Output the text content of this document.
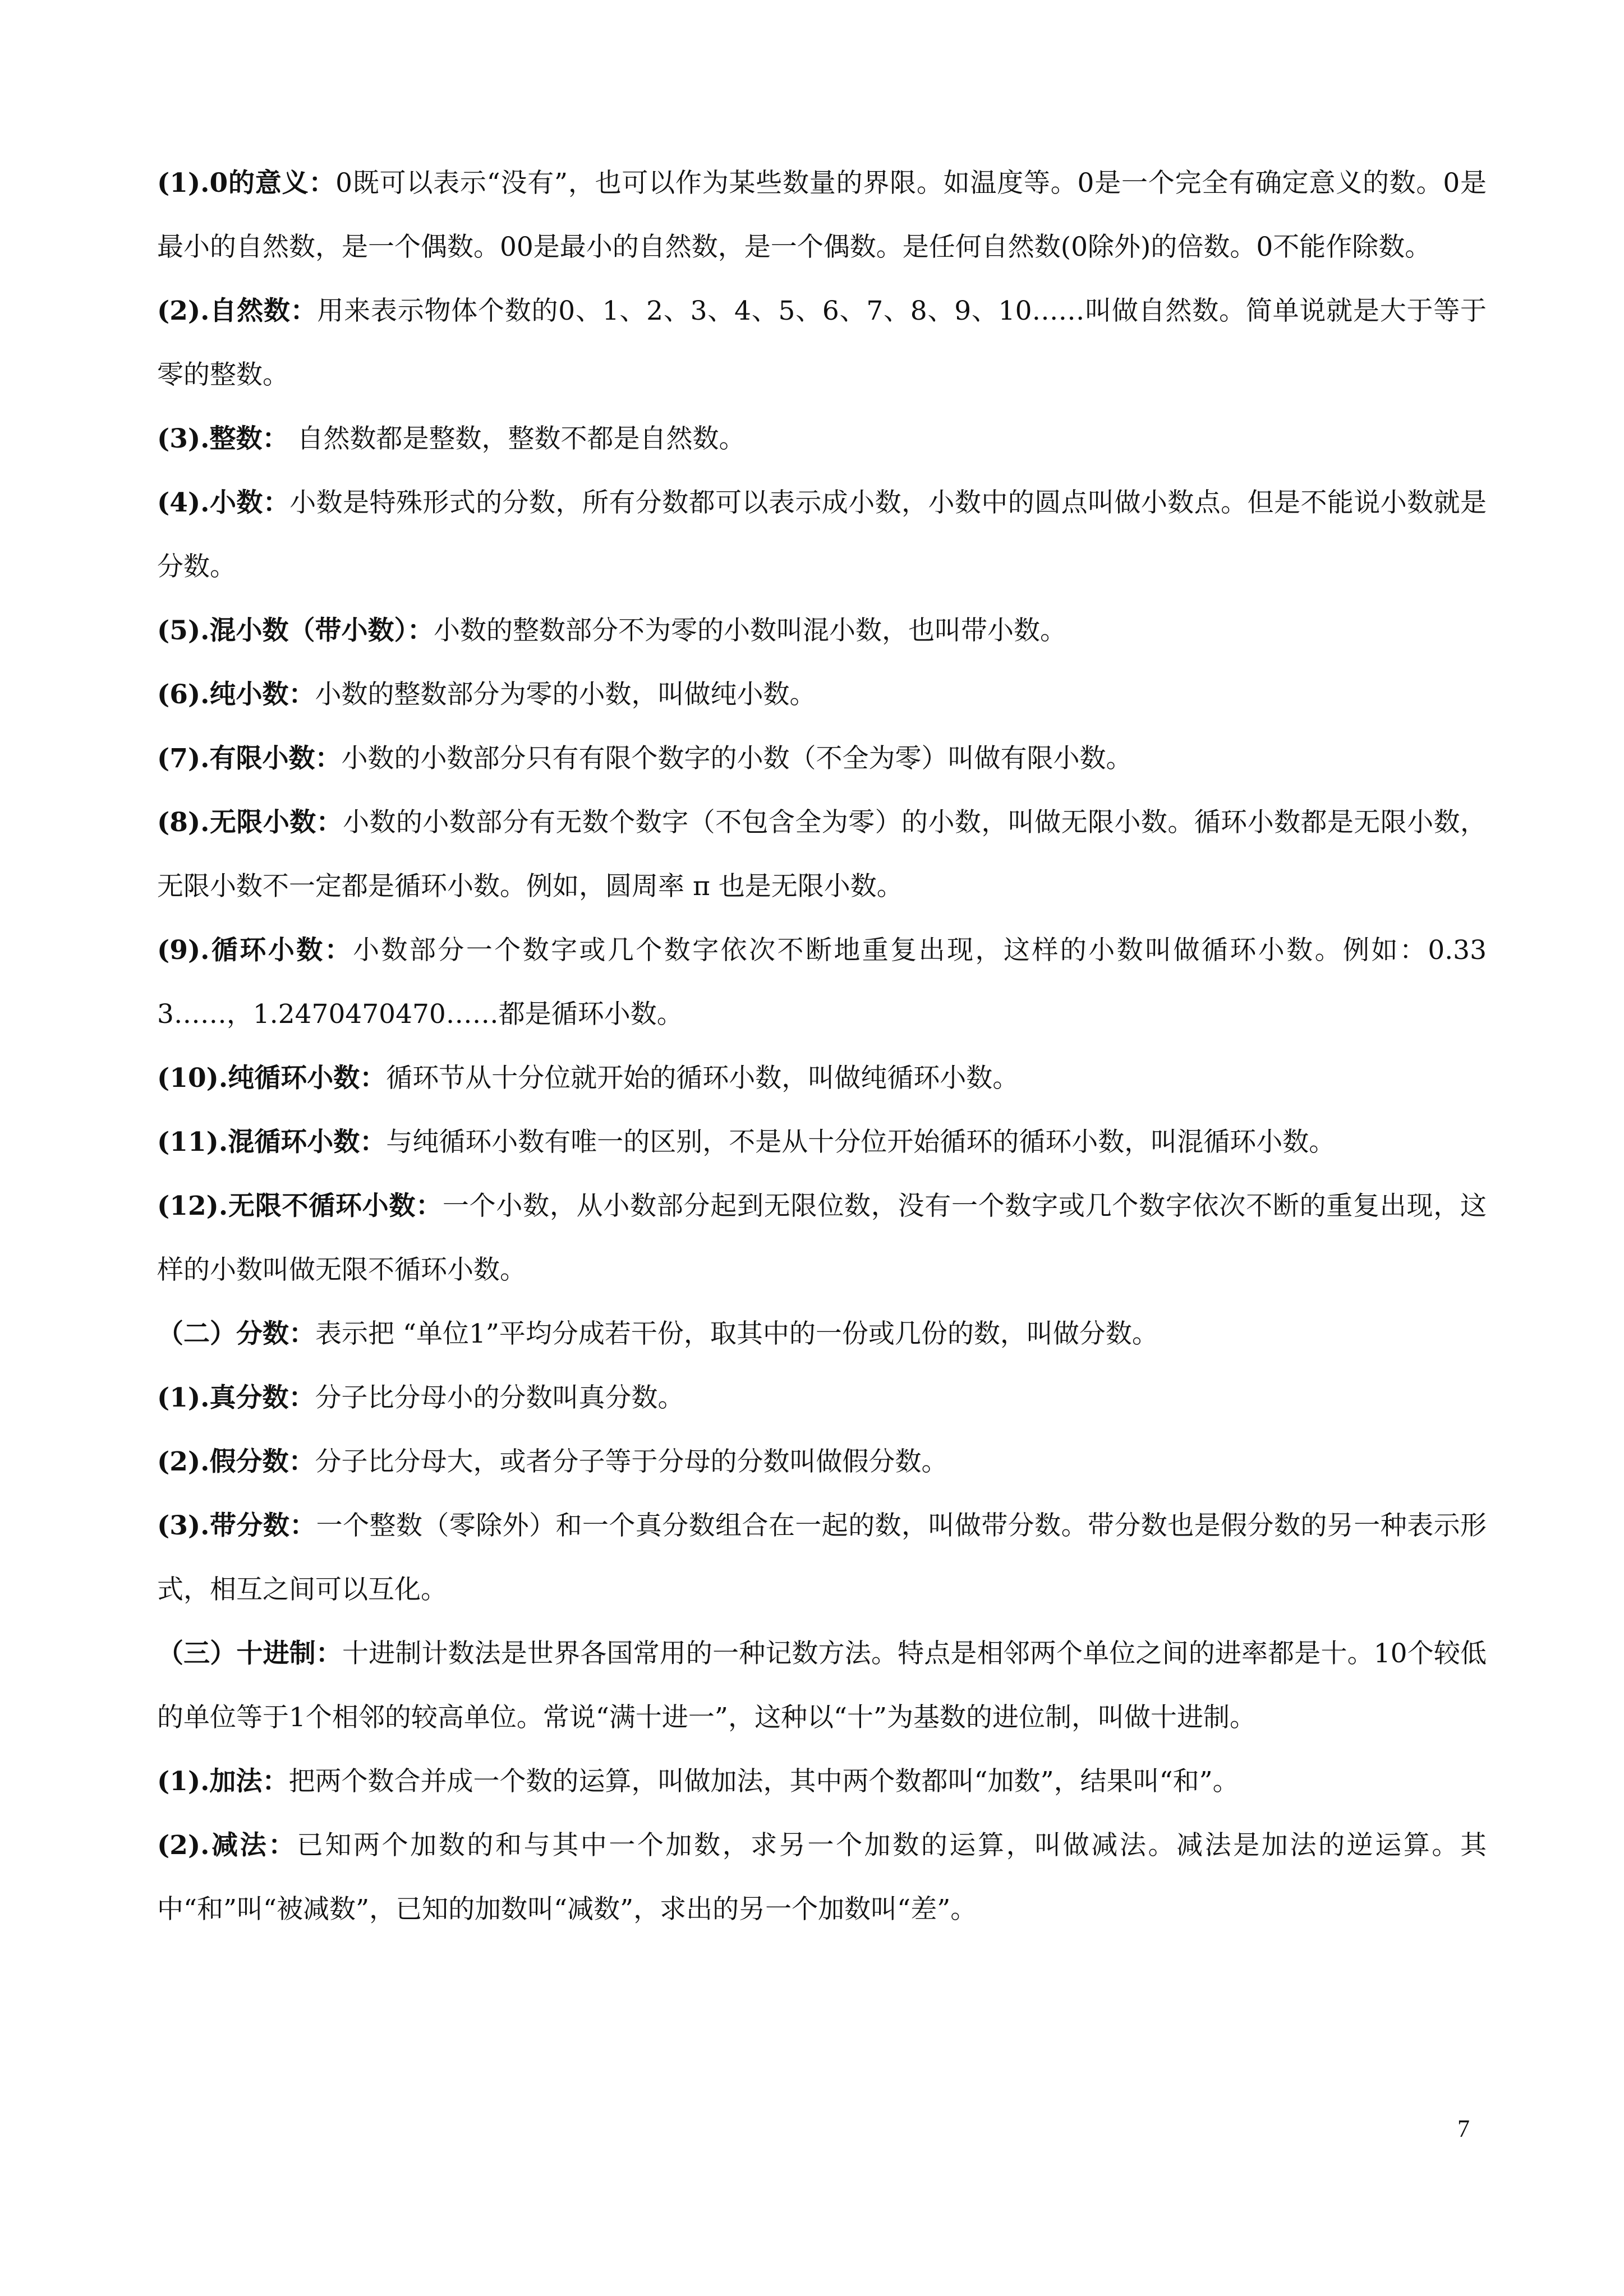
(1).0的意义：0既可以表示“没有”，也可以作为某些数量的界限。如温度等。0是一个完全有确定意义的数。0是最小的自然数，是一个偶数。00是最小的自然数，是一个偶数。是任何自然数(0除外)的倍数。0不能作除数。

(2).自然数：用来表示物体个数的0、1、2、3、4、5、6、7、8、9、10……叫做自然数。简单说就是大于等于零的整数。

(3).整数： 自然数都是整数，整数不都是自然数。

(4).小数：小数是特殊形式的分数，所有分数都可以表示成小数，小数中的圆点叫做小数点。但是不能说小数就是分数。

(5).混小数（带小数）：小数的整数部分不为零的小数叫混小数，也叫带小数。

(6).纯小数：小数的整数部分为零的小数，叫做纯小数。

(7).有限小数：小数的小数部分只有有限个数字的小数（不全为零）叫做有限小数。

(8).无限小数：小数的小数部分有无数个数字（不包含全为零）的小数，叫做无限小数。循环小数都是无限小数，无限小数不一定都是循环小数。例如，圆周率 π 也是无限小数。

(9).循环小数：小数部分一个数字或几个数字依次不断地重复出现，这样的小数叫做循环小数。例如：0.333……，1.2470470470……都是循环小数。

(10).纯循环小数：循环节从十分位就开始的循环小数，叫做纯循环小数。

(11).混循环小数：与纯循环小数有唯一的区别，不是从十分位开始循环的循环小数，叫混循环小数。

(12).无限不循环小数：一个小数，从小数部分起到无限位数，没有一个数字或几个数字依次不断的重复出现，这样的小数叫做无限不循环小数。

（二）分数：表示把 “单位1”平均分成若干份，取其中的一份或几份的数，叫做分数。

(1).真分数：分子比分母小的分数叫真分数。

(2).假分数：分子比分母大，或者分子等于分母的分数叫做假分数。

(3).带分数：一个整数（零除外）和一个真分数组合在一起的数，叫做带分数。带分数也是假分数的另一种表示形式，相互之间可以互化。

（三）十进制：十进制计数法是世界各国常用的一种记数方法。特点是相邻两个单位之间的进率都是十。10个较低的单位等于1个相邻的较高单位。常说“满十进一”，这种以“十”为基数的进位制，叫做十进制。

(1).加法：把两个数合并成一个数的运算，叫做加法，其中两个数都叫“加数”，结果叫“和”。

(2).减法：已知两个加数的和与其中一个加数，求另一个加数的运算，叫做减法。减法是加法的逆运算。其中“和”叫“被减数”，已知的加数叫“减数”，求出的另一个加数叫“差”。

7
